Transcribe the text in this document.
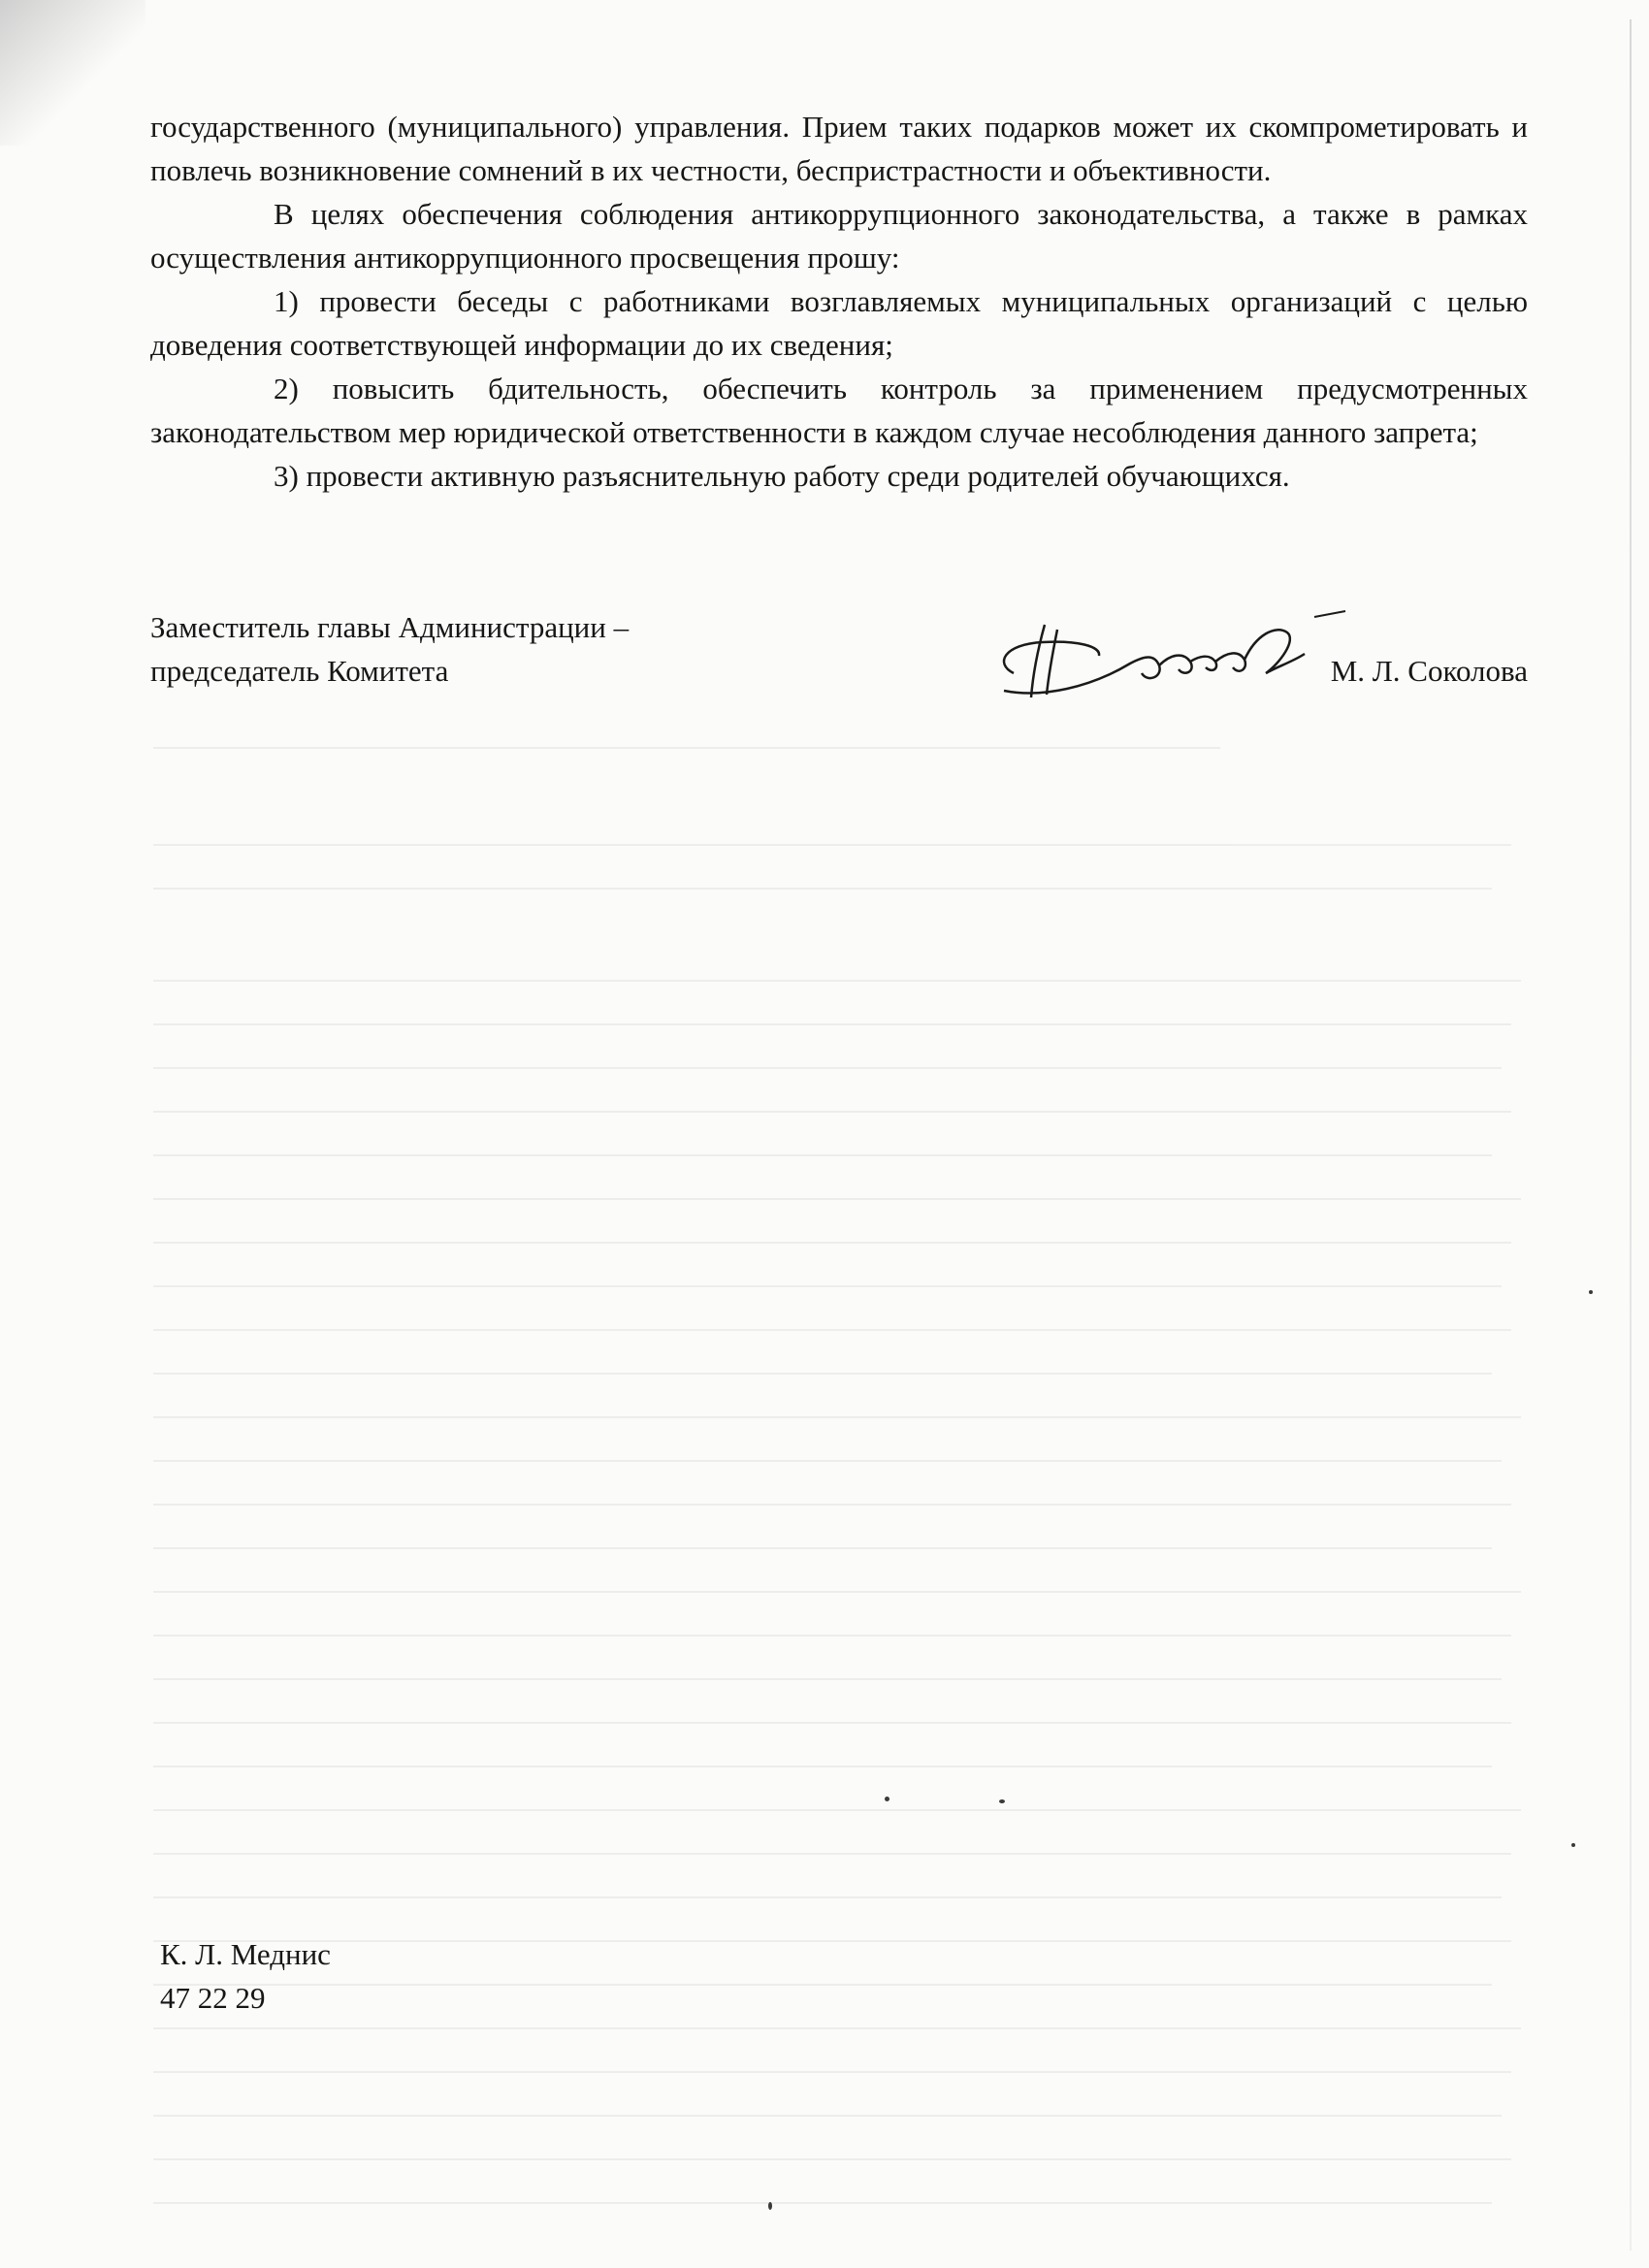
государственного (муниципального) управления. Прием таких подарков может их скомпрометировать и повлечь возникновение сомнений в их честности, беспристрастности и объективности.

В целях обеспечения соблюдения антикоррупционного законодательства, а также в рамках осуществления антикоррупционного просвещения прошу:

1) провести беседы с работниками возглавляемых муниципальных организаций с целью доведения соответствующей информации до их сведения;

2) повысить бдительность, обеспечить контроль за применением предусмотренных законодательством мер юридической ответственности в каждом случае несоблюдения данного запрета;

3) провести активную разъяснительную работу среди родителей обучающихся.

Заместитель главы Администрации –
председатель Комитета	М. Л. Соколова
К. Л. Меднис
47 22 29
